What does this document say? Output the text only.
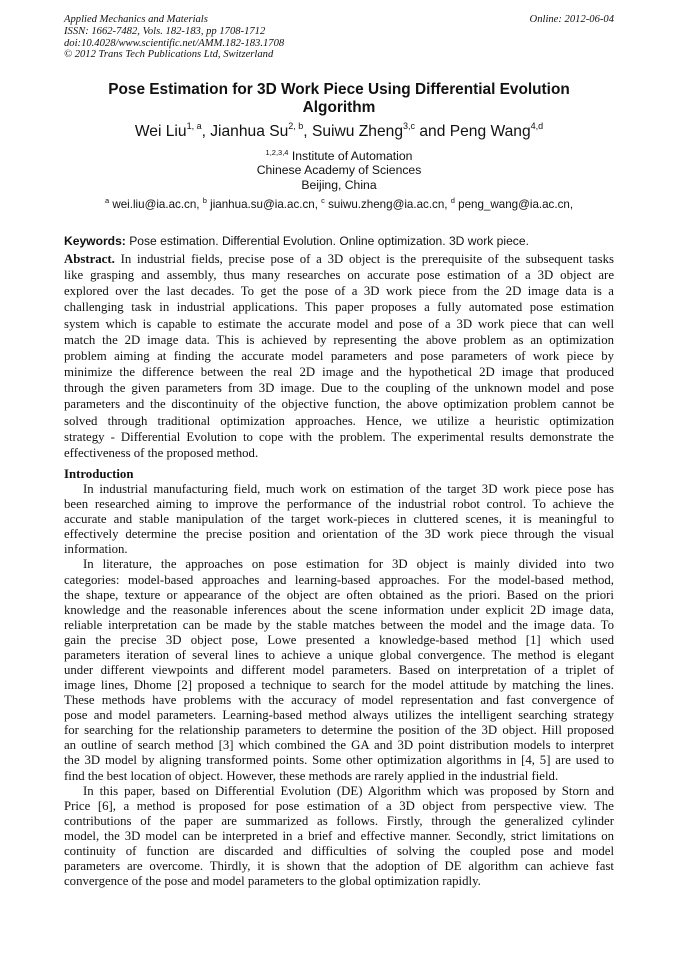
Applied Mechanics and Materials
ISSN: 1662-7482, Vols. 182-183, pp 1708-1712
doi:10.4028/www.scientific.net/AMM.182-183.1708
© 2012 Trans Tech Publications Ltd, Switzerland
Online: 2012-06-04
Pose Estimation for 3D Work Piece Using Differential Evolution
Algorithm
Wei Liu$^{1, a}$, Jianhua Su$^{2, b}$, Suiwu Zheng$^{3,c}$ and Peng Wang$^{4,d}$
$^{1,2,3,4}$ Institute of Automation
Chinese Academy of Sciences
Beijing, China
$^a$ wei.liu@ia.ac.cn, $^b$ jianhua.su@ia.ac.cn, $^c$ suiwu.zheng@ia.ac.cn, $^d$ peng_wang@ia.ac.cn,
Keywords: Pose estimation. Differential Evolution. Online optimization. 3D work piece.
Abstract. In industrial fields, precise pose of a 3D object is the prerequisite of the subsequent tasks
like grasping and assembly, thus many researches on accurate pose estimation of a 3D object are
explored over the last decades. To get the pose of a 3D work piece from the 2D image data is a
challenging task in industrial applications. This paper proposes a fully automated pose estimation
system which is capable to estimate the accurate model and pose of a 3D work piece that can well
match the 2D image data. This is achieved by representing the above problem as an optimization
problem aiming at finding the accurate model parameters and pose parameters of work piece by
minimize the difference between the real 2D image and the hypothetical 2D image that produced
through the given parameters from 3D image. Due to the coupling of the unknown model and pose
parameters and the discontinuity of the objective function, the above optimization problem cannot be
solved through traditional optimization approaches. Hence, we utilize a heuristic optimization
strategy - Differential Evolution to cope with the problem. The experimental results demonstrate the
effectiveness of the proposed method.
Introduction
In industrial manufacturing field, much work on estimation of the target 3D work piece pose has
been researched aiming to improve the performance of the industrial robot control. To achieve the
accurate and stable manipulation of the target work-pieces in cluttered scenes, it is meaningful to
effectively determine the precise position and orientation of the 3D work piece through the visual
information.
In literature, the approaches on pose estimation for 3D object is mainly divided into two
categories: model-based approaches and learning-based approaches. For the model-based method,
the shape, texture or appearance of the object are often obtained as the priori. Based on the priori
knowledge and the reasonable inferences about the scene information under explicit 2D image data,
reliable interpretation can be made by the stable matches between the model and the image data. To
gain the precise 3D object pose, Lowe presented a knowledge-based method [1] which used
parameters iteration of several lines to achieve a unique global convergence. The method is elegant
under different viewpoints and different model parameters. Based on interpretation of a triplet of
image lines, Dhome [2] proposed a technique to search for the model attitude by matching the lines.
These methods have problems with the accuracy of model representation and fast convergence of
pose and model parameters. Learning-based method always utilizes the intelligent searching strategy
for searching for the relationship parameters to determine the position of the 3D object. Hill proposed
an outline of search method [3] which combined the GA and 3D point distribution models to interpret
the 3D model by aligning transformed points. Some other optimization algorithms in [4, 5] are used to
find the best location of object. However, these methods are rarely applied in the industrial field.
In this paper, based on Differential Evolution (DE) Algorithm which was proposed by Storn and
Price [6], a method is proposed for pose estimation of a 3D object from perspective view. The
contributions of the paper are summarized as follows. Firstly, through the generalized cylinder
model, the 3D model can be interpreted in a brief and effective manner. Secondly, strict limitations on
continuity of function are discarded and difficulties of solving the coupled pose and model
parameters are overcome. Thirdly, it is shown that the adoption of DE algorithm can achieve fast
convergence of the pose and model parameters to the global optimization rapidly.
